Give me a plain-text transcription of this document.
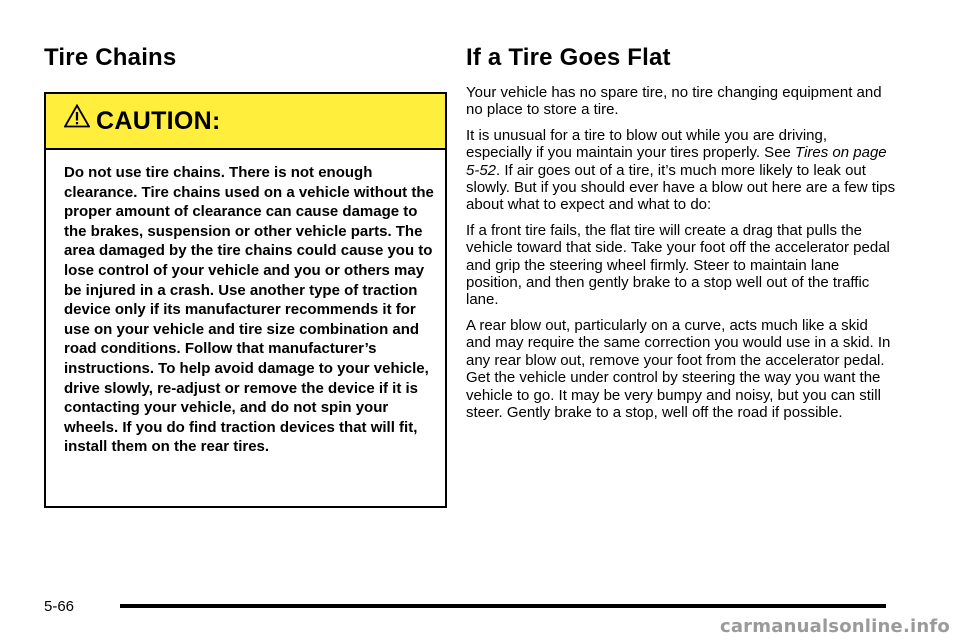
Tire Chains
CAUTION:
Do not use tire chains. There is not enough clearance. Tire chains used on a vehicle without the proper amount of clearance can cause damage to the brakes, suspension or other vehicle parts. The area damaged by the tire chains could cause you to lose control of your vehicle and you or others may be injured in a crash. Use another type of traction device only if its manufacturer recommends it for use on your vehicle and tire size combination and road conditions. Follow that manufacturer’s instructions. To help avoid damage to your vehicle, drive slowly, re-adjust or remove the device if it is contacting your vehicle, and do not spin your wheels. If you do find traction devices that will fit, install them on the rear tires.
If a Tire Goes Flat

Your vehicle has no spare tire, no tire changing equipment and no place to store a tire.

It is unusual for a tire to blow out while you are driving, especially if you maintain your tires properly. See Tires on page 5-52. If air goes out of a tire, it’s much more likely to leak out slowly. But if you should ever have a blow out here are a few tips about what to expect and what to do:

If a front tire fails, the flat tire will create a drag that pulls the vehicle toward that side. Take your foot off the accelerator pedal and grip the steering wheel firmly. Steer to maintain lane position, and then gently brake to a stop well out of the traffic lane.

A rear blow out, particularly on a curve, acts much like a skid and may require the same correction you would use in a skid. In any rear blow out, remove your foot from the accelerator pedal. Get the vehicle under control by steering the way you want the vehicle to go. It may be very bumpy and noisy, but you can still steer. Gently brake to a stop, well off the road if possible.

5-66
carmanualsonline.info
